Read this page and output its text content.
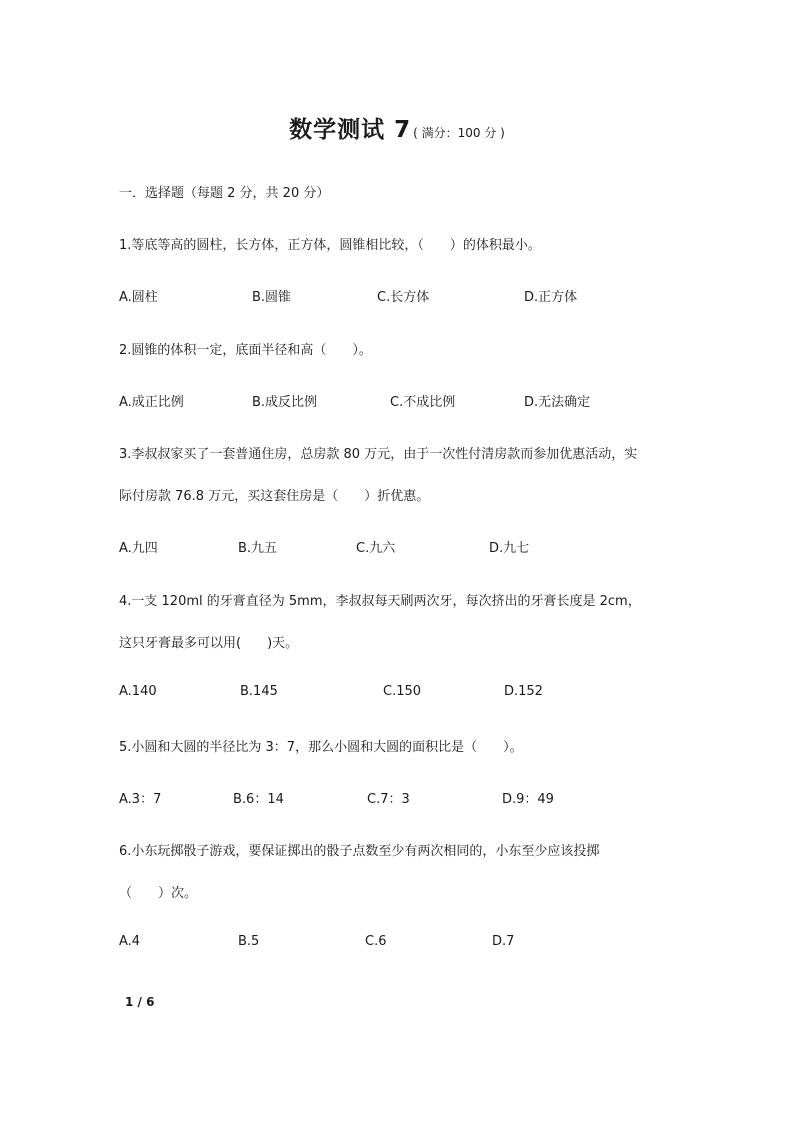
数学测试 7 ( 满分：100 分 )
一．选择题（每题 2 分，共 20 分）
1.等底等高的圆柱，长方体，正方体，圆锥相比较，（　　）的体积最小。
A.圆柱	B.圆锥	C.长方体	D.正方体
2.圆锥的体积一定，底面半径和高（　　）。
A.成正比例	B.成反比例	C.不成比例	D.无法确定
3.李叔叔家买了一套普通住房，总房款 80 万元，由于一次性付清房款而参加优惠活动，实
际付房款 76.8 万元，买这套住房是（　　）折优惠。
A.九四	B.九五	C.九六	D.九七
4.一支 120ml 的牙膏直径为 5mm，李叔叔每天刷两次牙，每次挤出的牙膏长度是 2cm，
这只牙膏最多可以用(　　)天。
A.140	B.145	C.150	D.152
5.小圆和大圆的半径比为 3：7，那么小圆和大圆的面积比是（　　）。
A.3：7	B.6：14	C.7：3	D.9：49
6.小东玩掷骰子游戏，要保证掷出的骰子点数至少有两次相同的，小东至少应该投掷
（　　）次。
A.4	B.5	C.6	D.7
1 / 6
